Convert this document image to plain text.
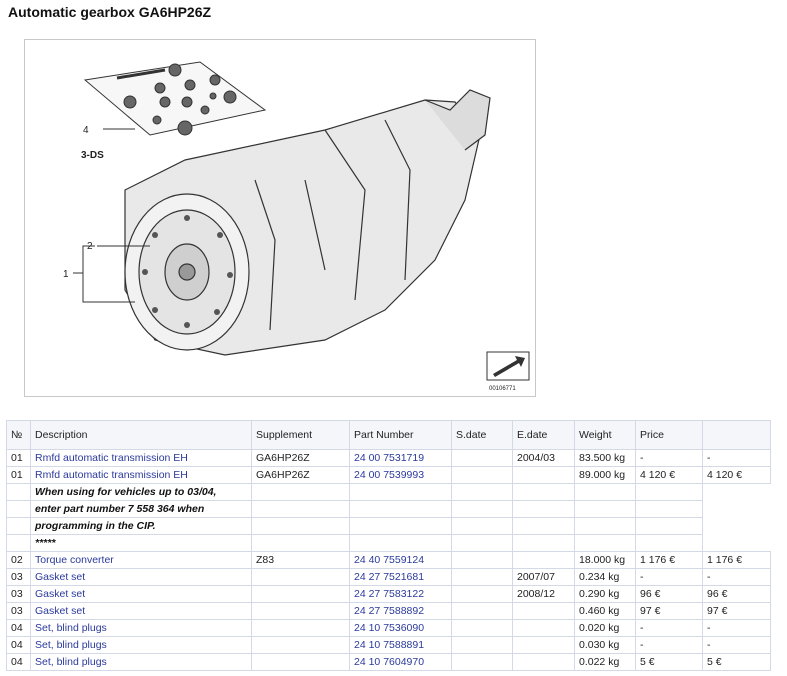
Automatic gearbox GA6HP26Z
4
3-DS
2
1
00106771
№	Description	Supplement	Part Number	S.date	E.date	Weight	Price	
01	Rmfd automatic transmission EH	GA6HP26Z	24 00 7531719		2004/03	83.500 kg	-	-
01	Rmfd automatic transmission EH	GA6HP26Z	24 00 7539993			89.000 kg	4 120 €	4 120 €
	When using for vehicles up to 03/04,							
	enter part number 7 558 364 when							
	programming in the CIP.							
	*****							
02	Torque converter	Z83	24 40 7559124			18.000 kg	1 176 €	1 176 €
03	Gasket set		24 27 7521681		2007/07	0.234 kg	-	-
03	Gasket set		24 27 7583122		2008/12	0.290 kg	96 €	96 €
03	Gasket set		24 27 7588892			0.460 kg	97 €	97 €
04	Set, blind plugs		24 10 7536090			0.020 kg	-	-
04	Set, blind plugs		24 10 7588891			0.030 kg	-	-
04	Set, blind plugs		24 10 7604970			0.022 kg	5 €	5 €
